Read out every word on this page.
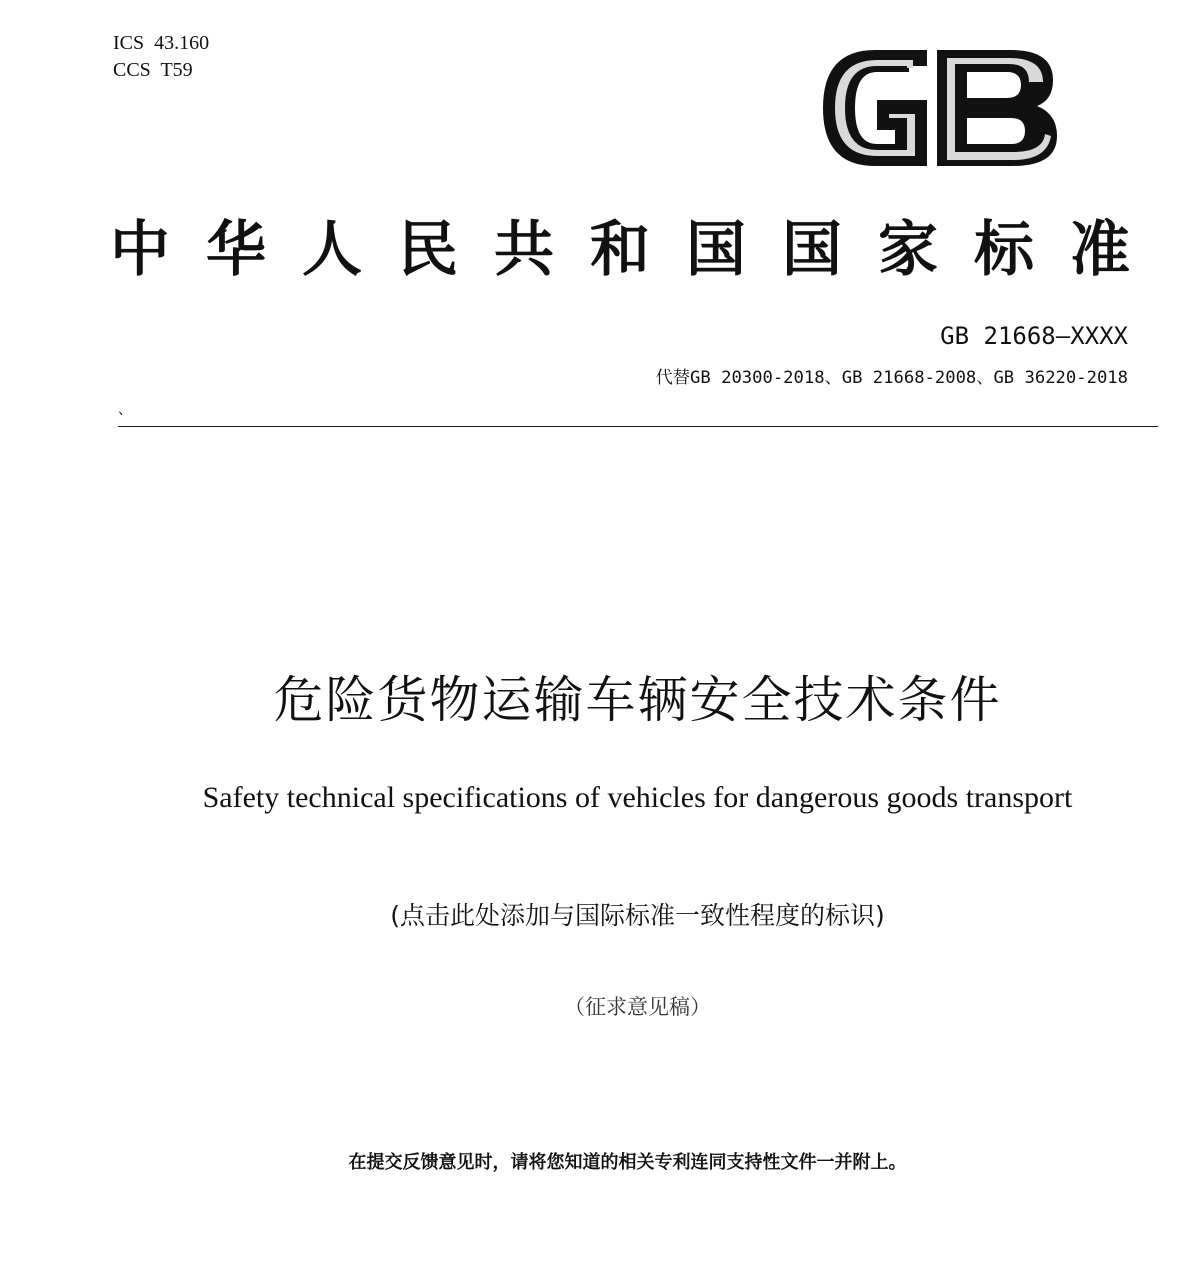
ICS  43.160
CCS  T59
中华人民共和国国家标准
GB 21668—XXXX
代替GB 20300-2018、GB 21668-2008、GB 36220-2018
、
危险货物运输车辆安全技术条件
Safety technical specifications of vehicles for dangerous goods transport
(点击此处添加与国际标准一致性程度的标识)
（征求意见稿）
在提交反馈意见时，请将您知道的相关专利连同支持性文件一并附上。
